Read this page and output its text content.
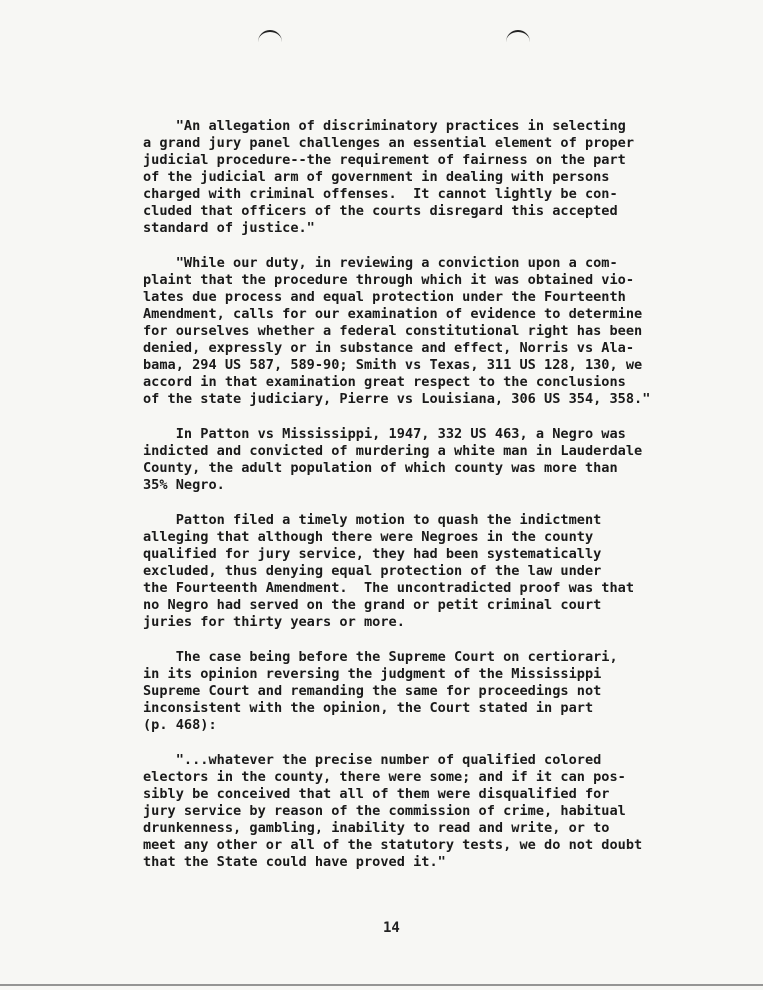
"An allegation of discriminatory practices in selecting
a grand jury panel challenges an essential element of proper
judicial procedure--the requirement of fairness on the part
of the judicial arm of government in dealing with persons
charged with criminal offenses.  It cannot lightly be con-
cluded that officers of the courts disregard this accepted
standard of justice."

"While our duty, in reviewing a conviction upon a com-
plaint that the procedure through which it was obtained vio-
lates due process and equal protection under the Fourteenth
Amendment, calls for our examination of evidence to determine
for ourselves whether a federal constitutional right has been
denied, expressly or in substance and effect, Norris vs Ala-
bama, 294 US 587, 589-90; Smith vs Texas, 311 US 128, 130, we
accord in that examination great respect to the conclusions
of the state judiciary, Pierre vs Louisiana, 306 US 354, 358."

In Patton vs Mississippi, 1947, 332 US 463, a Negro was
indicted and convicted of murdering a white man in Lauderdale
County, the adult population of which county was more than
35% Negro.

Patton filed a timely motion to quash the indictment
alleging that although there were Negroes in the county
qualified for jury service, they had been systematically
excluded, thus denying equal protection of the law under
the Fourteenth Amendment.  The uncontradicted proof was that
no Negro had served on the grand or petit criminal court
juries for thirty years or more.

The case being before the Supreme Court on certiorari,
in its opinion reversing the judgment of the Mississippi
Supreme Court and remanding the same for proceedings not
inconsistent with the opinion, the Court stated in part
(p. 468):

"...whatever the precise number of qualified colored
electors in the county, there were some; and if it can pos-
sibly be conceived that all of them were disqualified for
jury service by reason of the commission of crime, habitual
drunkenness, gambling, inability to read and write, or to
meet any other or all of the statutory tests, we do not doubt
that the State could have proved it."

14
